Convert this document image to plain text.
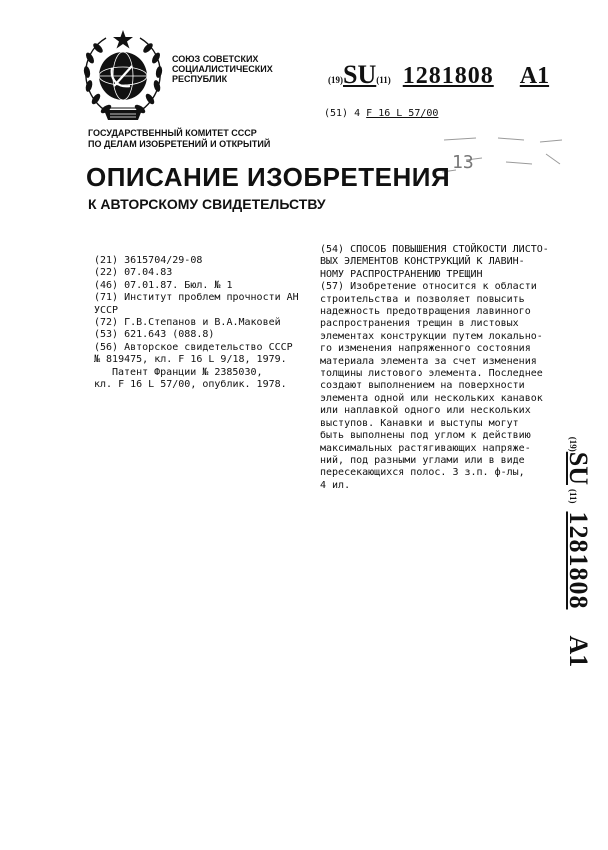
СОЮЗ СОВЕТСКИХ
СОЦИАЛИСТИЧЕСКИХ
РЕСПУБЛИК	(19)SU(11) 1281808 A1
(51) 4 F 16 L 57/00
13
ГОСУДАРСТВЕННЫЙ КОМИТЕТ СССР
ПО ДЕЛАМ ИЗОБРЕТЕНИЙ И ОТКРЫТИЙ
ОПИСАНИЕ ИЗОБРЕТЕНИЯ
К АВТОРСКОМУ СВИДЕТЕЛЬСТВУ
(21) 3615704/29-08
(22) 07.04.83
(46) 07.01.87. Бюл. № 1
(71) Институт проблем прочности АН
УССР
(72) Г.В.Степанов и В.А.Маковей
(53) 621.643 (088.8)
(56) Авторское свидетельство СССР
№ 819475, кл. F 16 L 9/18, 1979.
Патент Франции № 2385030,
кл. F 16 L 57/00, опублик. 1978.
(54) СПОСОБ ПОВЫШЕНИЯ СТОЙКОСТИ ЛИСТО-
ВЫХ ЭЛЕМЕНТОВ КОНСТРУКЦИЙ К ЛАВИН-
НОМУ РАСПРОСТРАНЕНИЮ ТРЕЩИН
(57) Изобретение относится к области
строительства и позволяет повысить
надежность предотвращения лавинного
распространения трещин в листовых
элементах конструкции путем локально-
го изменения напряженного состояния
материала элемента за счет изменения
толщины листового элемента. Последнее
создают выполнением на поверхности
элемента одной или нескольких канавок
или наплавкой одного или нескольких
выступов. Канавки и выступы могут
быть выполнены под углом к действию
максимальных растягивающих напряже-
ний, под разными углами или в виде
пересекающихся полос. 3 з.п. ф-лы,
4 ил.
(19)SU(11)1281808A1
